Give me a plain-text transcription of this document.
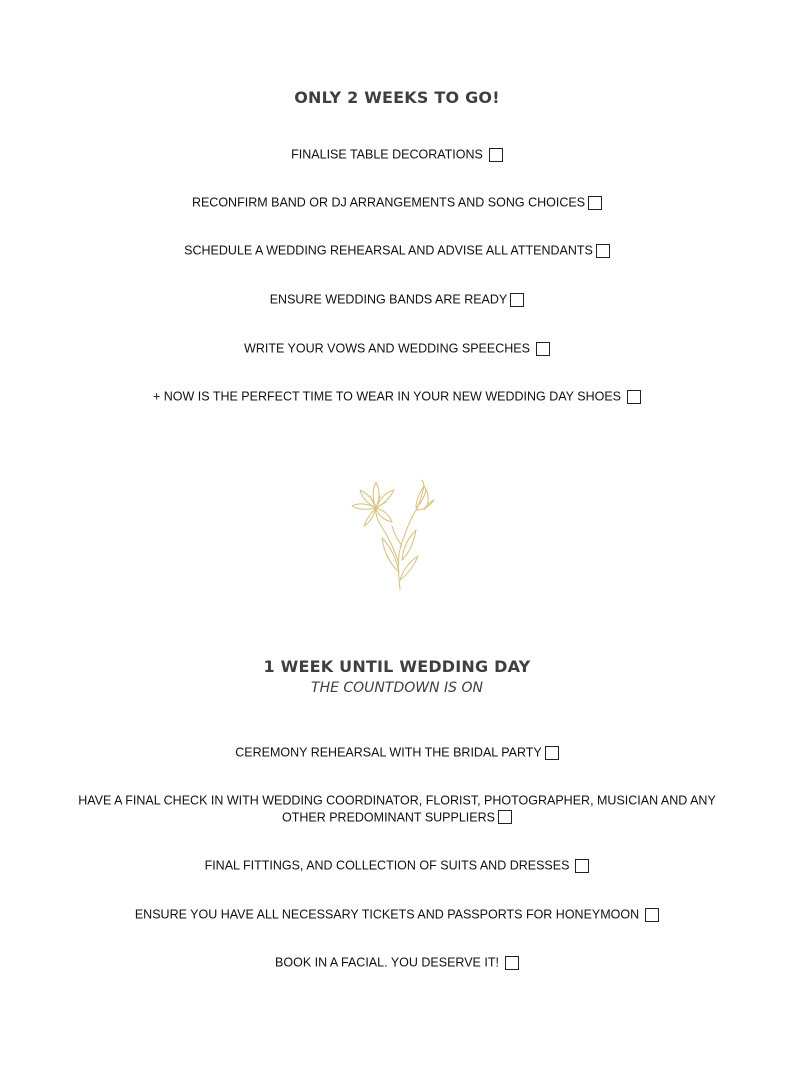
ONLY 2 WEEKS TO GO!
FINALISE TABLE DECORATIONS
RECONFIRM BAND OR DJ ARRANGEMENTS AND SONG CHOICES
SCHEDULE A WEDDING REHEARSAL AND ADVISE ALL ATTENDANTS
ENSURE WEDDING BANDS ARE READY
WRITE YOUR VOWS AND WEDDING SPEECHES
+ NOW IS THE PERFECT TIME TO WEAR IN YOUR NEW WEDDING DAY SHOES
1 WEEK UNTIL WEDDING DAY
THE COUNTDOWN IS ON
CEREMONY REHEARSAL WITH THE BRIDAL PARTY
HAVE A FINAL CHECK IN WITH WEDDING COORDINATOR, FLORIST, PHOTOGRAPHER, MUSICIAN AND ANY OTHER PREDOMINANT SUPPLIERS
FINAL FITTINGS, AND COLLECTION OF SUITS AND DRESSES
ENSURE YOU HAVE ALL NECESSARY TICKETS AND PASSPORTS FOR HONEYMOON
BOOK IN A FACIAL. YOU DESERVE IT!
